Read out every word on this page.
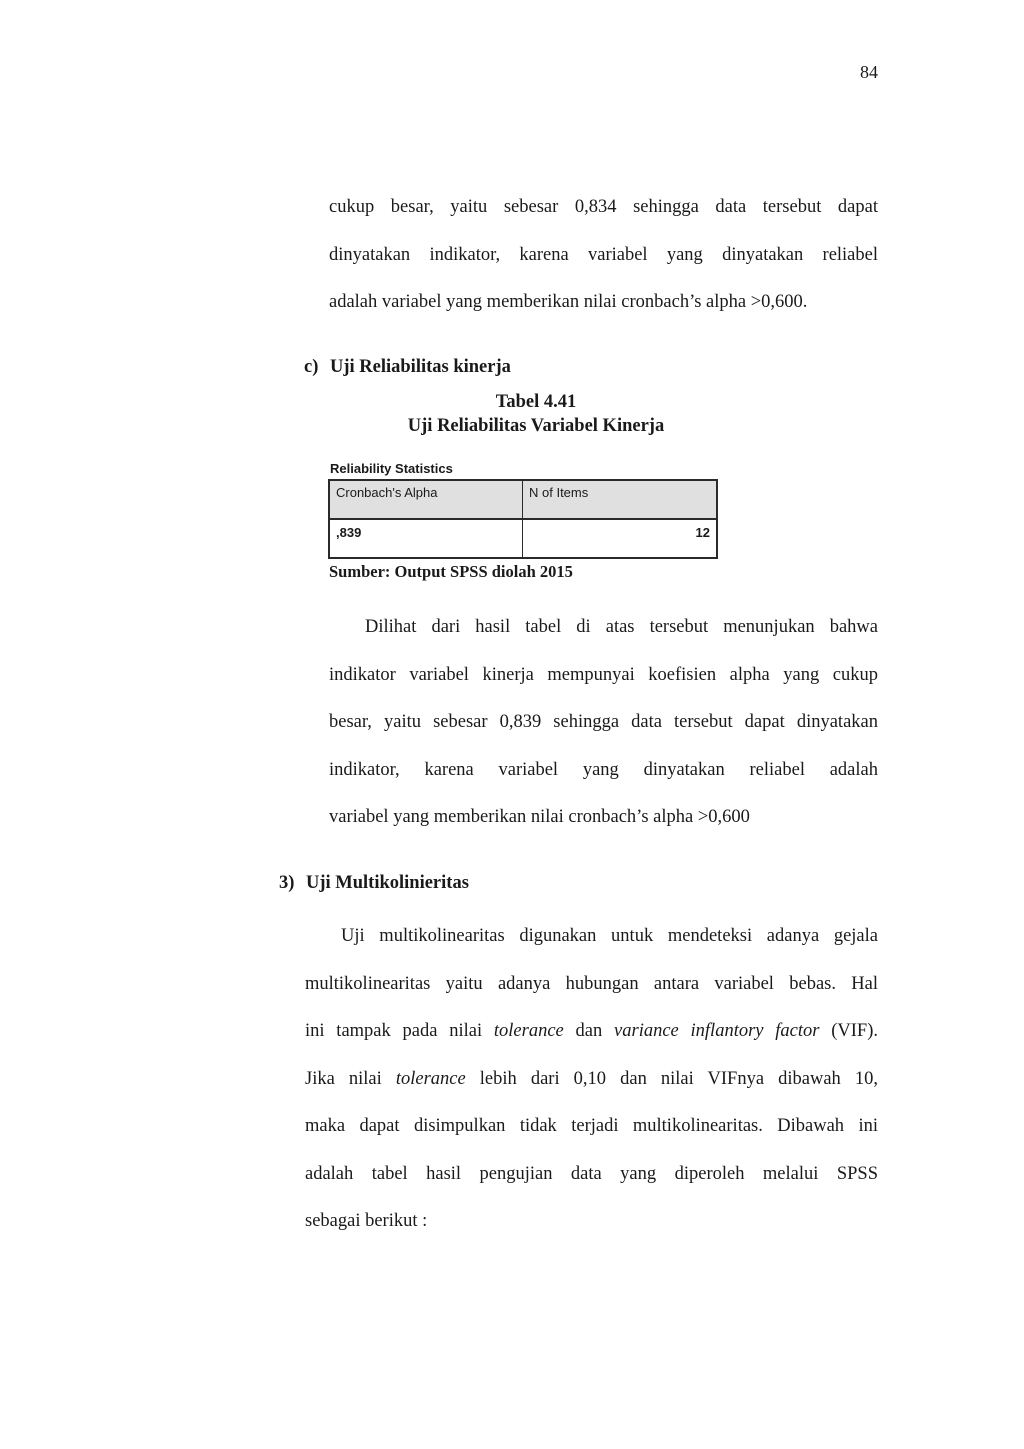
84
cukup besar, yaitu sebesar 0,834 sehingga data tersebut dapat
dinyatakan indikator, karena variabel yang dinyatakan reliabel
adalah variabel yang memberikan nilai cronbach’s alpha >0,600.
c) Uji Reliabilitas kinerja
Tabel 4.41
Uji Reliabilitas Variabel Kinerja
Reliability Statistics
Cronbach's Alpha	N of Items
,839	12
Sumber: Output SPSS diolah 2015
Dilihat dari hasil tabel di atas tersebut menunjukan bahwa
indikator variabel kinerja mempunyai koefisien alpha yang cukup
besar, yaitu sebesar 0,839 sehingga data tersebut dapat dinyatakan
indikator, karena variabel yang dinyatakan reliabel adalah
variabel yang memberikan nilai cronbach’s alpha >0,600
3) Uji Multikolinieritas
Uji multikolinearitas digunakan untuk mendeteksi adanya gejala
multikolinearitas yaitu adanya hubungan antara variabel bebas. Hal
ini tampak pada nilai tolerance dan variance inflantory factor (VIF).
Jika nilai tolerance lebih dari 0,10 dan nilai VIFnya dibawah 10,
maka dapat disimpulkan tidak terjadi multikolinearitas. Dibawah ini
adalah tabel hasil pengujian data yang diperoleh melalui SPSS
sebagai berikut :
